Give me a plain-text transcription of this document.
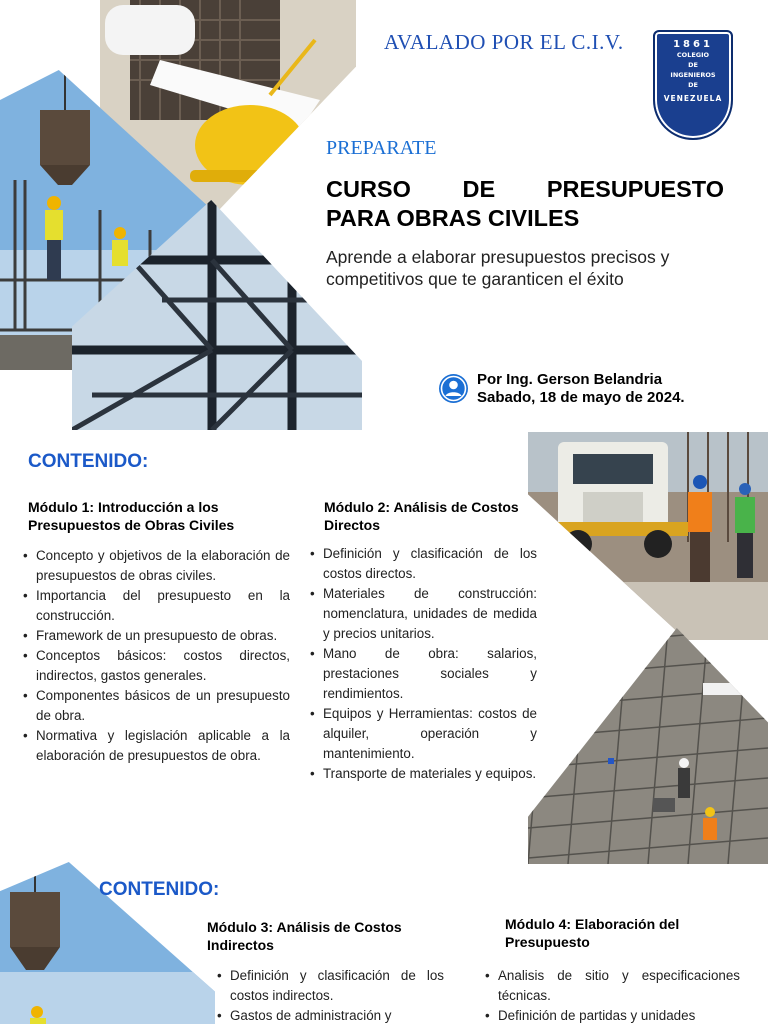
AVALADO POR EL C.I.V.	1861
COLEGIO
DE
INGENIEROS
DE
VENEZUELA
PREPARATE
CURSO DE PRESUPUESTO
PARA OBRAS CIVILES
Aprende a elaborar presupuestos precisos y competitivos que te garanticen el éxito
Por Ing. Gerson Belandria
Sabado, 18 de mayo de 2024.
CONTENIDO:
Módulo 1: Introducción a los Presupuestos de Obras Civiles
• Concepto y objetivos de la elaboración de presupuestos de obras civiles.
• Importancia del presupuesto en la construcción.
• Framework de un presupuesto de obras.
• Conceptos básicos: costos directos, indirectos, gastos generales.
• Componentes básicos de un presupuesto de obra.
• Normativa y legislación aplicable a la elaboración de presupuestos de obra.
Módulo 2: Análisis de Costos Directos
• Definición y clasificación de los costos directos.
• Materiales de construcción: nomenclatura, unidades de medida y precios unitarios.
• Mano de obra: salarios, prestaciones sociales y rendimientos.
• Equipos y Herramientas: costos de alquiler, operación y mantenimiento.
• Transporte de materiales y equipos.
CONTENIDO:
Módulo 3: Análisis de Costos Indirectos
• Definición y clasificación de los costos indirectos.
• Gastos de administración y
Módulo 4: Elaboración del Presupuesto
• Analisis de sitio y especificaciones técnicas.
• Definición de partidas y unidades
